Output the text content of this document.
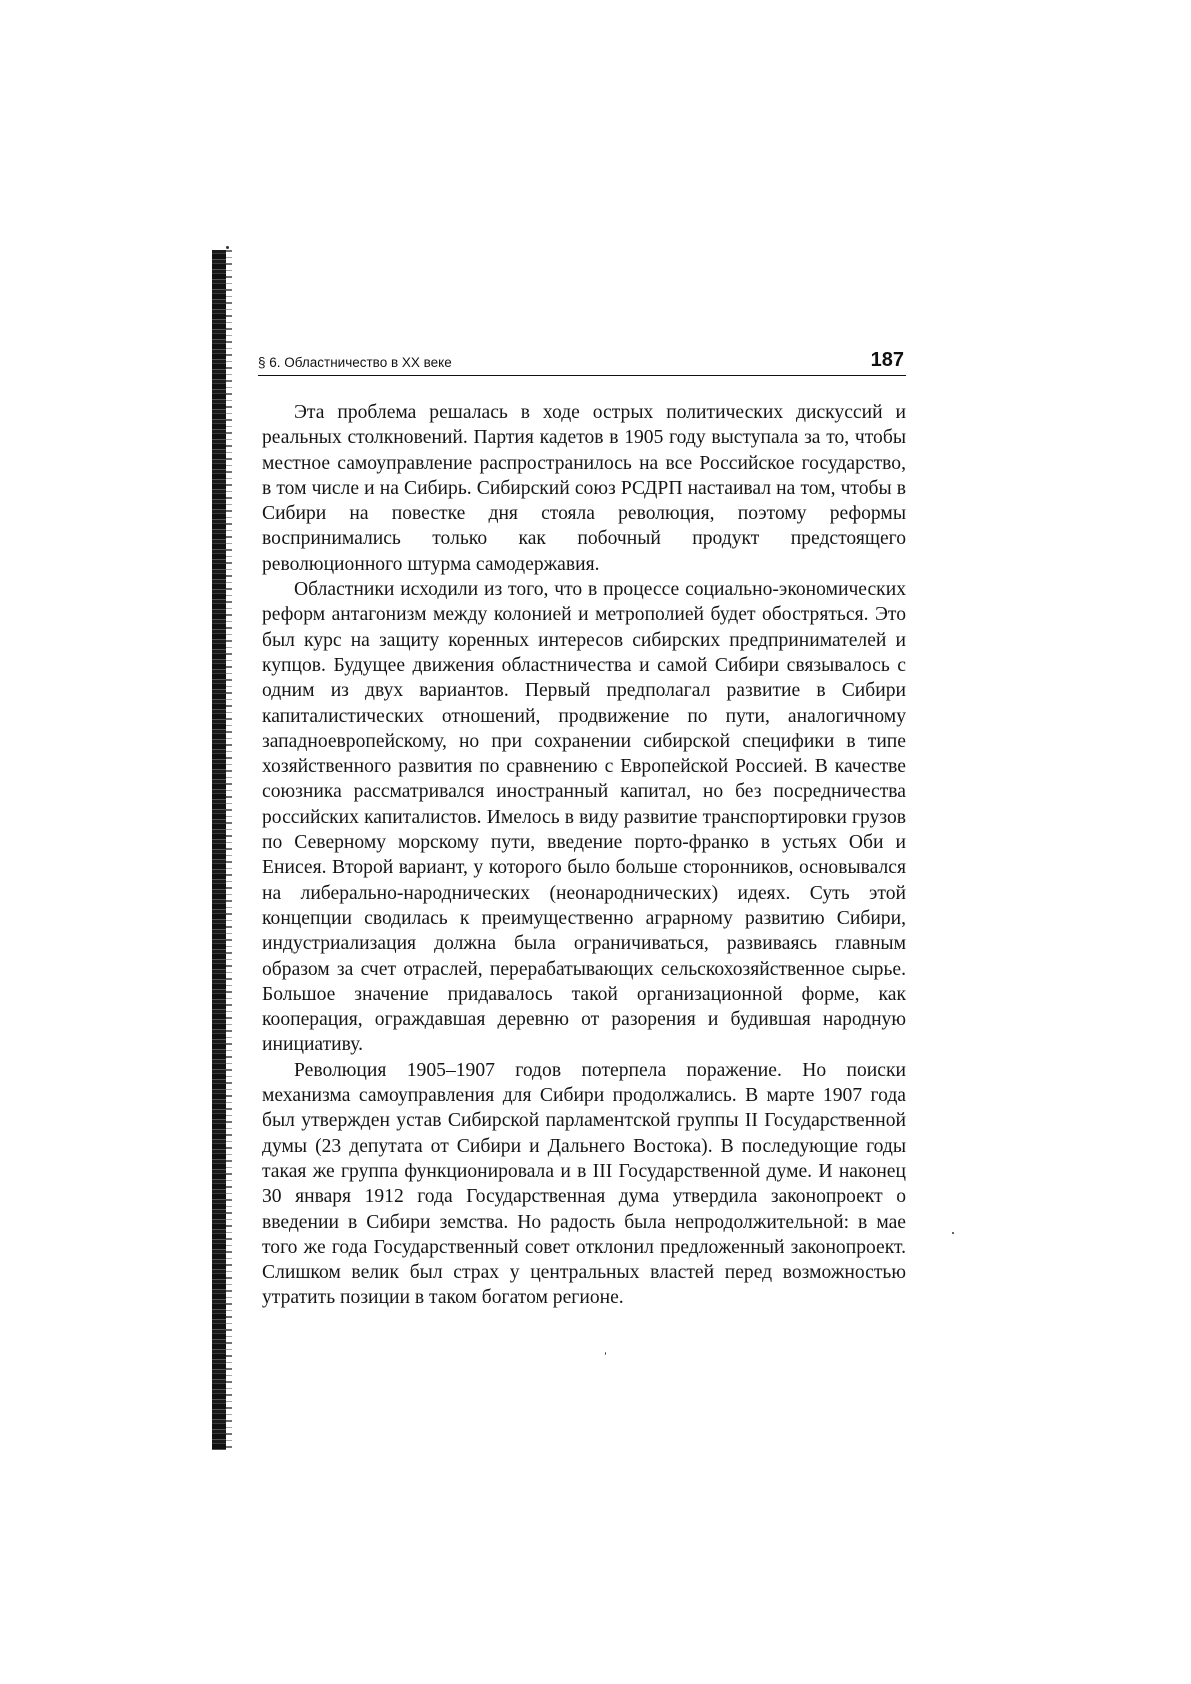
§ 6. Областничество в XX веке	187

Эта проблема решалась в ходе острых политических дискуссий и реальных столкновений. Партия кадетов в 1905 году выступала за то, чтобы местное самоуправление распространилось на все Российское государство, в том числе и на Сибирь. Сибирский союз РСДРП настаивал на том, чтобы в Сибири на повестке дня стояла революция, поэтому реформы воспринимались только как побочный продукт предстоящего революционного штурма самодержавия.

Областники исходили из того, что в процессе социально-экономических реформ антагонизм между колонией и метрополией будет обостряться. Это был курс на защиту коренных интересов сибирских предпринимателей и купцов. Будущее движения областничества и самой Сибири связывалось с одним из двух вариантов. Первый предполагал развитие в Сибири капиталистических отношений, продвижение по пути, аналогичному западноевропейскому, но при сохранении сибирской специфики в типе хозяйственного развития по сравнению с Европейской Россией. В качестве союзника рассматривался иностранный капитал, но без посредничества российских капиталистов. Имелось в виду развитие транспортировки грузов по Северному морскому пути, введение порто-франко в устьях Оби и Енисея. Второй вариант, у которого было больше сторонников, основывался на либерально-народнических (неонароднических) идеях. Суть этой концепции сводилась к преимущественно аграрному развитию Сибири, индустриализация должна была ограничиваться, развиваясь главным образом за счет отраслей, перерабатывающих сельскохозяйственное сырье. Большое значение придавалось такой организационной форме, как кооперация, ограждавшая деревню от разорения и будившая народную инициативу.

Революция 1905–1907 годов потерпела поражение. Но поиски механизма самоуправления для Сибири продолжались. В марте 1907 года был утвержден устав Сибирской парламентской группы II Государственной думы (23 депутата от Сибири и Дальнего Востока). В последующие годы такая же группа функционировала и в III Государственной думе. И наконец 30 января 1912 года Государственная дума утвердила законопроект о введении в Сибири земства. Но радость была непродолжительной: в мае того же года Государственный совет отклонил предложенный законопроект. Слишком велик был страх у центральных властей перед возможностью утратить позиции в таком богатом регионе.
